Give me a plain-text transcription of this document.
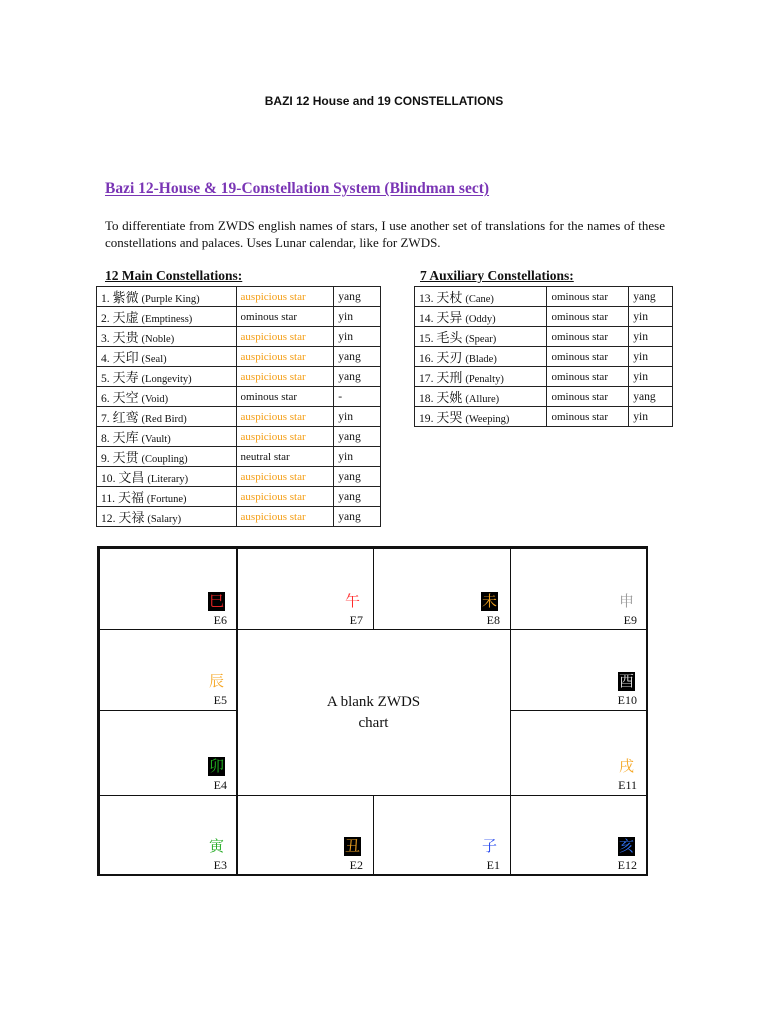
BAZI 12 House and 19 CONSTELLATIONS
Bazi 12-House & 19-Constellation System (Blindman sect)
To differentiate from ZWDS english names of stars, I use another set of translations for the names of these constellations and palaces. Uses Lunar calendar, like for ZWDS.
12 Main Constellations:
1. 紫微 (Purple King)	auspicious star	yang
2. 天虚 (Emptiness)	ominous star	yin
3. 天贵 (Noble)	auspicious star	yin
4. 天印 (Seal)	auspicious star	yang
5. 天寿 (Longevity)	auspicious star	yang
6. 天空 (Void)	ominous star	-
7. 红鸾 (Red Bird)	auspicious star	yin
8. 天库 (Vault)	auspicious star	yang
9. 天贯 (Coupling)	neutral star	yin
10. 文昌 (Literary)	auspicious star	yang
11. 天福 (Fortune)	auspicious star	yang
12. 天禄 (Salary)	auspicious star	yang
7 Auxiliary Constellations:
13. 天杖 (Cane)	ominous star	yang
14. 天异 (Oddy)	ominous star	yin
15. 毛头 (Spear)	ominous star	yin
16. 天刃 (Blade)	ominous star	yin
17. 天刑 (Penalty)	ominous star	yin
18. 天姚 (Allure)	ominous star	yang
19. 天哭 (Weeping)	ominous star	yin
巳
E6
午
E7
未
E8
申
E9
辰
E5	A blank ZWDS
chart
酉
E10
卯
E4
戌
E11
寅
E3
丑
E2
子
E1
亥
E12
